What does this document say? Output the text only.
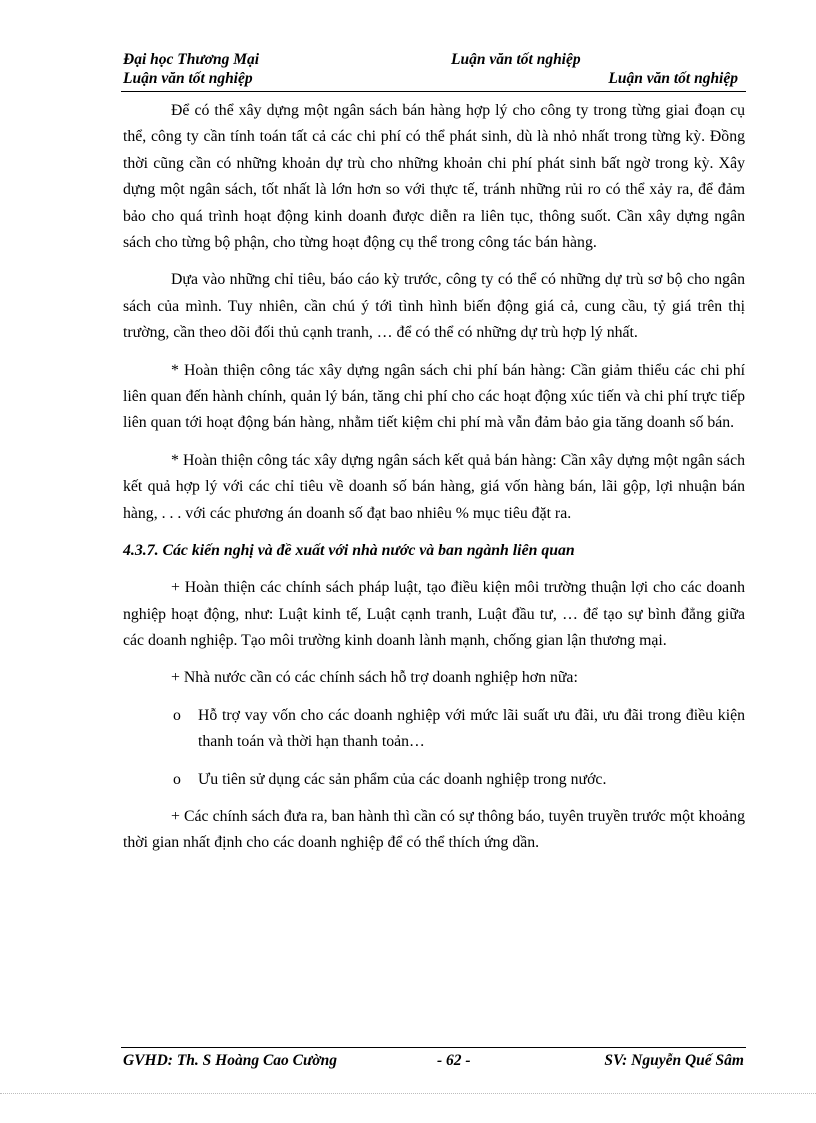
Đại học Thương Mại	Luận văn tốt nghiệp
Luận văn tốt nghiệp	Luận văn tốt nghiệp

Để có thể xây dựng một ngân sách bán hàng hợp lý cho công ty trong từng giai đoạn cụ thể, công ty cần tính toán tất cả các chi phí có thể phát sinh, dù là nhỏ nhất trong từng kỳ. Đồng thời cũng cần có những khoản dự trù cho những khoản chi phí phát sinh bất ngờ trong kỳ. Xây dựng một ngân sách, tốt nhất là lớn hơn so với thực tế, tránh những rủi ro có thể xảy ra, để đảm bảo cho quá trình hoạt động kinh doanh được diễn ra liên tục, thông suốt. Cần xây dựng ngân sách cho từng bộ phận, cho từng hoạt động cụ thể trong công tác bán hàng.

Dựa vào những chỉ tiêu, báo cáo kỳ trước, công ty có thể có những dự trù sơ bộ cho ngân sách của mình. Tuy nhiên, cần chú ý tới tình hình biến động giá cả, cung cầu, tỷ giá trên thị trường, cần theo dõi đối thủ cạnh tranh, … để có thể có những dự trù hợp lý nhất.

* Hoàn thiện công tác xây dựng ngân sách chi phí bán hàng: Cần giảm thiểu các chi phí liên quan đến hành chính, quản lý bán, tăng chi phí cho các hoạt động xúc tiến và chi phí trực tiếp liên quan tới hoạt động bán hàng, nhằm tiết kiệm chi phí mà vẫn đảm bảo gia tăng doanh số bán.

* Hoàn thiện công tác xây dựng ngân sách kết quả bán hàng: Cần xây dựng một ngân sách kết quả hợp lý với các chỉ tiêu về doanh số bán hàng, giá vốn hàng bán, lãi gộp, lợi nhuận bán hàng, . . . với các phương án doanh số đạt bao nhiêu % mục tiêu đặt ra.

4.3.7. Các kiến nghị và đề xuất với nhà nước và ban ngành liên quan

+ Hoàn thiện các chính sách pháp luật, tạo điều kiện môi trường thuận lợi cho các doanh nghiệp hoạt động, như: Luật kinh tế, Luật cạnh tranh, Luật đầu tư, … để tạo sự bình đẳng giữa các doanh nghiệp. Tạo môi trường kinh doanh lành mạnh, chống gian lận thương mại.

+ Nhà nước cần có các chính sách hỗ trợ doanh nghiệp hơn nữa:

o Hỗ trợ vay vốn cho các doanh nghiệp với mức lãi suất ưu đãi, ưu đãi trong điều kiện thanh toán và thời hạn thanh toản…
o Ưu tiên sử dụng các sản phẩm của các doanh nghiệp trong nước.

+ Các chính sách đưa ra, ban hành thì cần có sự thông báo, tuyên truyền trước một khoảng thời gian nhất định cho các doanh nghiệp để có thể thích ứng dần.

GVHD: Th. S Hoàng Cao Cường	- 62 -	SV: Nguyễn Quế Sâm
